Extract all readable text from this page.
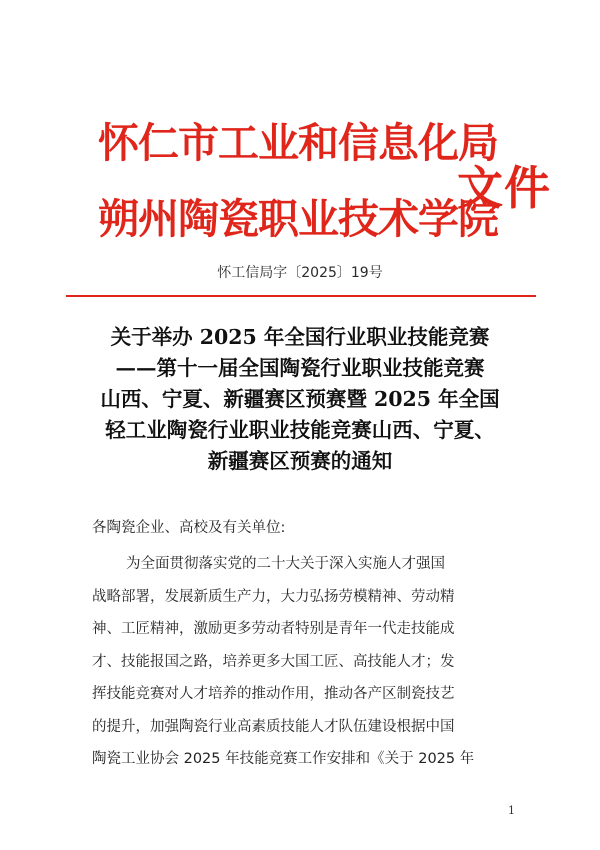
怀仁市工业和信息化局
朔州陶瓷职业技术学院
文件
怀工信局字〔2025〕19号
关于举办 2025 年全国行业职业技能竞赛
——第十一届全国陶瓷行业职业技能竞赛
山西、宁夏、新疆赛区预赛暨 2025 年全国
轻工业陶瓷行业职业技能竞赛山西、宁夏、
新疆赛区预赛的通知
各陶瓷企业、高校及有关单位:
为全面贯彻落实党的二十大关于深入实施人才强国
战略部署，发展新质生产力，大力弘扬劳模精神、劳动精
神、工匠精神，激励更多劳动者特别是青年一代走技能成
才、技能报国之路，培养更多大国工匠、高技能人才；发
挥技能竞赛对人才培养的推动作用，推动各产区制瓷技艺
的提升，加强陶瓷行业高素质技能人才队伍建设根据中国
陶瓷工业协会 2025 年技能竞赛工作安排和《关于 2025 年
1
